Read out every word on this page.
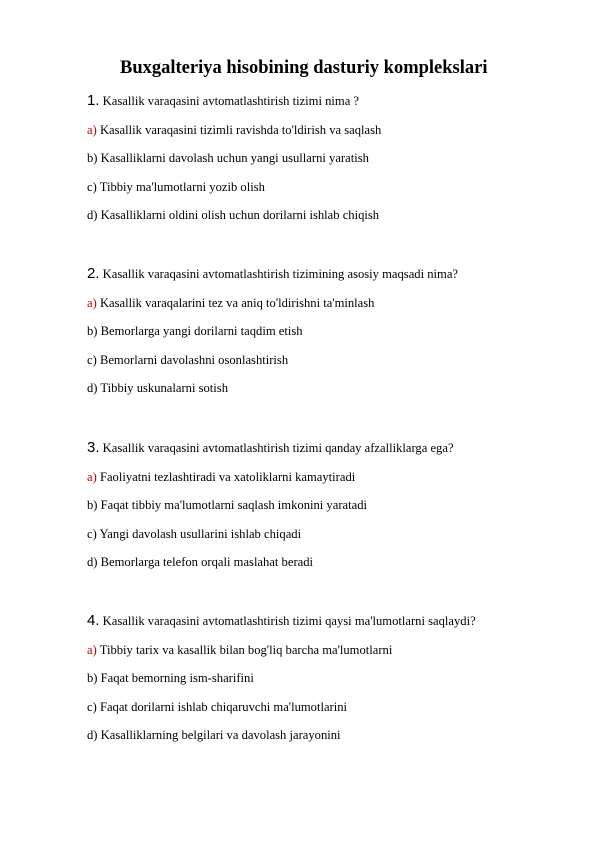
Buxgalteriya hisobining dasturiy komplekslari
1. Kasallik varaqasini avtomatlashtirish tizimi nima ?
a) Kasallik varaqasini tizimli ravishda to'ldirish va saqlash
b) Kasalliklarni davolash uchun yangi usullarni yaratish
c) Tibbiy ma'lumotlarni yozib olish
d) Kasalliklarni oldini olish uchun dorilarni ishlab chiqish
2. Kasallik varaqasini avtomatlashtirish tizimining asosiy maqsadi nima?
a) Kasallik varaqalarini tez va aniq to'ldirishni ta'minlash
b) Bemorlarga yangi dorilarni taqdim etish
c) Bemorlarni davolashni osonlashtirish
d) Tibbiy uskunalarni sotish
3. Kasallik varaqasini avtomatlashtirish tizimi qanday afzalliklarga ega?
a) Faoliyatni tezlashtiradi va xatoliklarni kamaytiradi
b) Faqat tibbiy ma'lumotlarni saqlash imkonini yaratadi
c) Yangi davolash usullarini ishlab chiqadi
d) Bemorlarga telefon orqali maslahat beradi
4. Kasallik varaqasini avtomatlashtirish tizimi qaysi ma'lumotlarni saqlaydi?
a) Tibbiy tarix va kasallik bilan bog'liq barcha ma'lumotlarni
b) Faqat bemorning ism-sharifini
c) Faqat dorilarni ishlab chiqaruvchi ma'lumotlarini
d) Kasalliklarning belgilari va davolash jarayonini
